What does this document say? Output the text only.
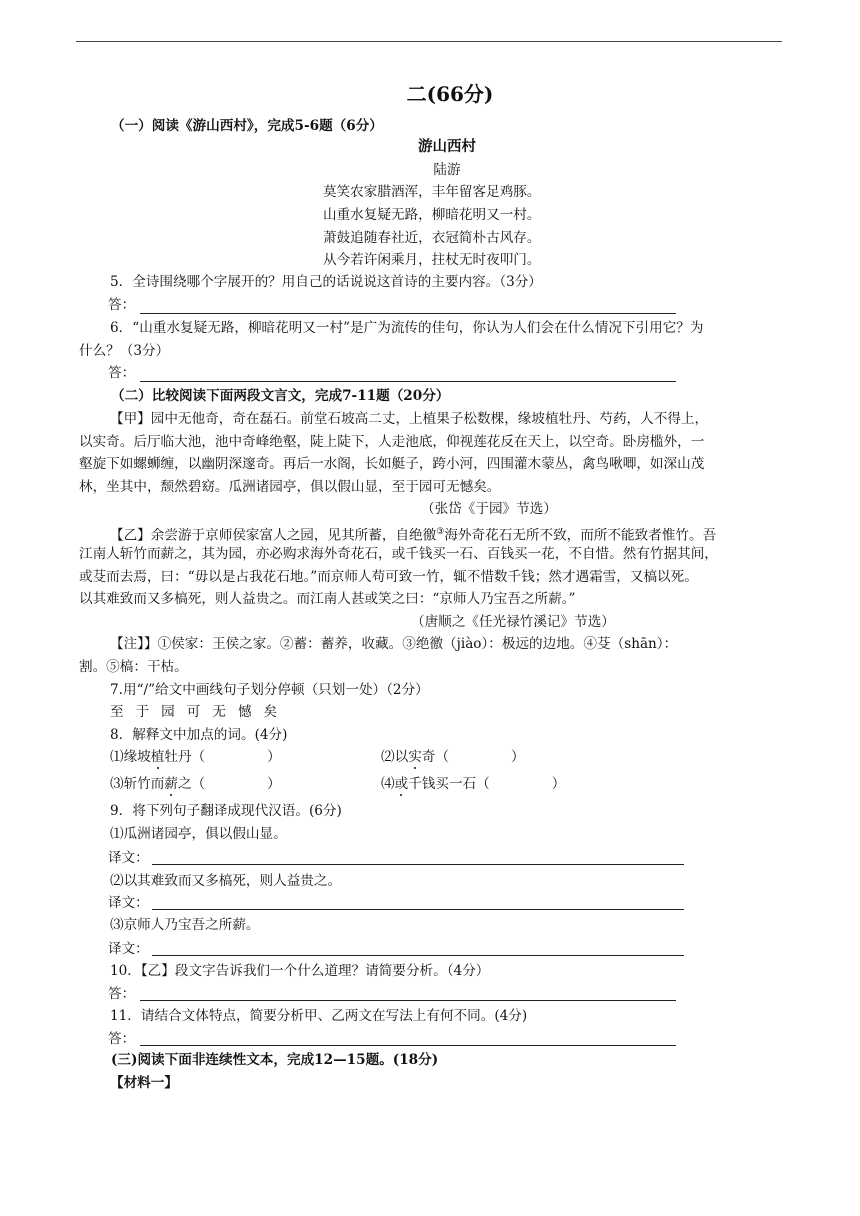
二(66分)
（一）阅读《游山西村》，完成5-6题（6分）
游山西村
陆游
莫笑农家腊酒浑，丰年留客足鸡豚。
山重水复疑无路，柳暗花明又一村。
萧鼓追随春社近，衣冠简朴古风存。
从今若许闲乘月，拄杖无时夜叩门。
5．全诗围绕哪个字展开的？用自己的话说说这首诗的主要内容。（3分）
答：
6．“山重水复疑无路，柳暗花明又一村”是广为流传的佳句，你认为人们会在什么情况下引用它？为
什么？（3分）
答：
（二）比较阅读下面两段文言文，完成7-11题（20分）
【甲】园中无他奇，奇在磊石。前堂石坡高二丈，上植果子松数棵，缘坡植牡丹、芍药，人不得上，
以实奇。后厅临大池，池中奇峰绝壑，陡上陡下，人走池底，仰视莲花反在天上，以空奇。卧房槛外，一
壑旋下如螺蛳缠，以幽阴深邃奇。再后一水阁，长如艇子，跨小河，四围灌木蒙丛，禽鸟啾唧，如深山茂
林，坐其中，颓然碧窈。瓜洲诸园亭，俱以假山显，至于园可无憾矣。
（张岱《于园》节选）
【乙】余尝游于京师侯家富人之园，见其所蓄，自绝徼③海外奇花石无所不致，而所不能致者惟竹。吾
江南人斩竹而薪之，其为园，亦必购求海外奇花石，或千钱买一石、百钱买一花，不自惜。然有竹据其间，
或芟而去焉，曰：“毋以是占我花石地。”而京师人苟可致一竹，辄不惜数千钱；然才遇霜雪，又槁以死。
以其难致而又多槁死，则人益贵之。而江南人甚或笑之曰：“京师人乃宝吾之所薪。”
（唐顺之《任光禄竹溪记》节选）
【注】】①侯家：王侯之家。②蓄：蓄养，收藏。③绝徼（jiào）：极远的边地。④芟（shān）：
割。⑤槁：干枯。
7.用“/”给文中画线句子划分停顿（只划一处）（2分）
至于园可无憾矣
8．解释文中加点的词。(4分)
⑴缘坡植牡丹（	）	⑵以实奇（	）
⑶斩竹而薪之（	）	⑷或千钱买一石（	）
9．将下列句子翻译成现代汉语。(6分)
⑴瓜洲诸园亭，俱以假山显。
译文：
⑵以其难致而又多槁死，则人益贵之。
译文：
⑶京师人乃宝吾之所薪。
译文：
10．【乙】段文字告诉我们一个什么道理？请简要分析。（4分）
答：
11．请结合文体特点，简要分析甲、乙两文在写法上有何不同。(4分)
答：
(三)阅读下面非连续性文本，完成12—15题。(18分)
【材料一】
